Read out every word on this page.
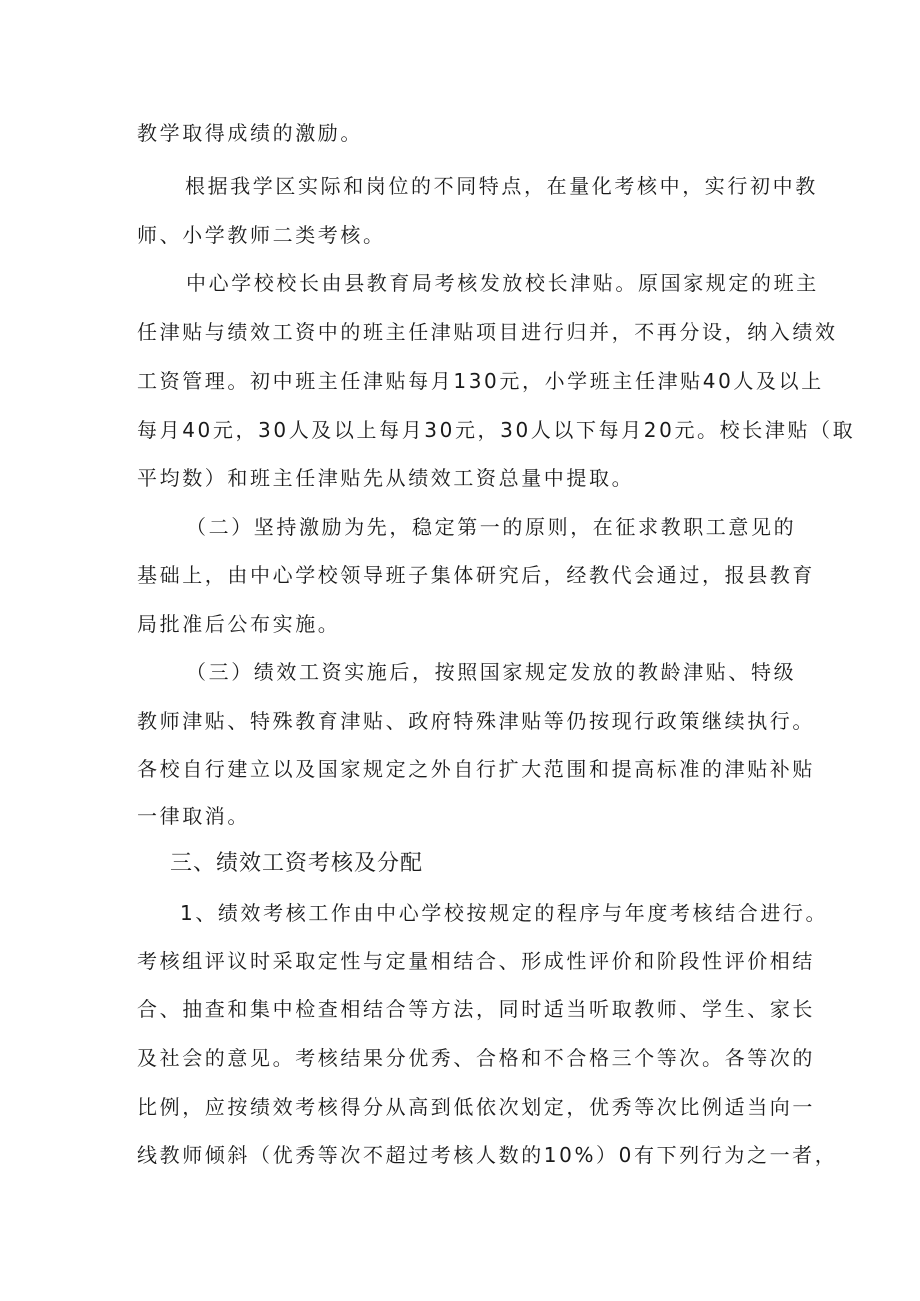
教学取得成绩的激励。
根据我学区实际和岗位的不同特点，在量化考核中，实行初中教
师、小学教师二类考核。
中心学校校长由县教育局考核发放校长津贴。原国家规定的班主
任津贴与绩效工资中的班主任津贴项目进行归并，不再分设，纳入绩效
工资管理。初中班主任津贴每月130元，小学班主任津贴40人及以上
每月40元，30人及以上每月30元，30人以下每月20元。校长津贴（取
平均数）和班主任津贴先从绩效工资总量中提取。
（二）坚持激励为先，稳定第一的原则，在征求教职工意见的
基础上，由中心学校领导班子集体研究后，经教代会通过，报县教育
局批准后公布实施。
（三）绩效工资实施后，按照国家规定发放的教龄津贴、特级
教师津贴、特殊教育津贴、政府特殊津贴等仍按现行政策继续执行。
各校自行建立以及国家规定之外自行扩大范围和提高标准的津贴补贴
一律取消。
三、绩效工资考核及分配
1、绩效考核工作由中心学校按规定的程序与年度考核结合进行。
考核组评议时采取定性与定量相结合、形成性评价和阶段性评价相结
合、抽查和集中检查相结合等方法，同时适当听取教师、学生、家长
及社会的意见。考核结果分优秀、合格和不合格三个等次。各等次的
比例，应按绩效考核得分从高到低依次划定，优秀等次比例适当向一
线教师倾斜（优秀等次不超过考核人数的10%）0有下列行为之一者，
